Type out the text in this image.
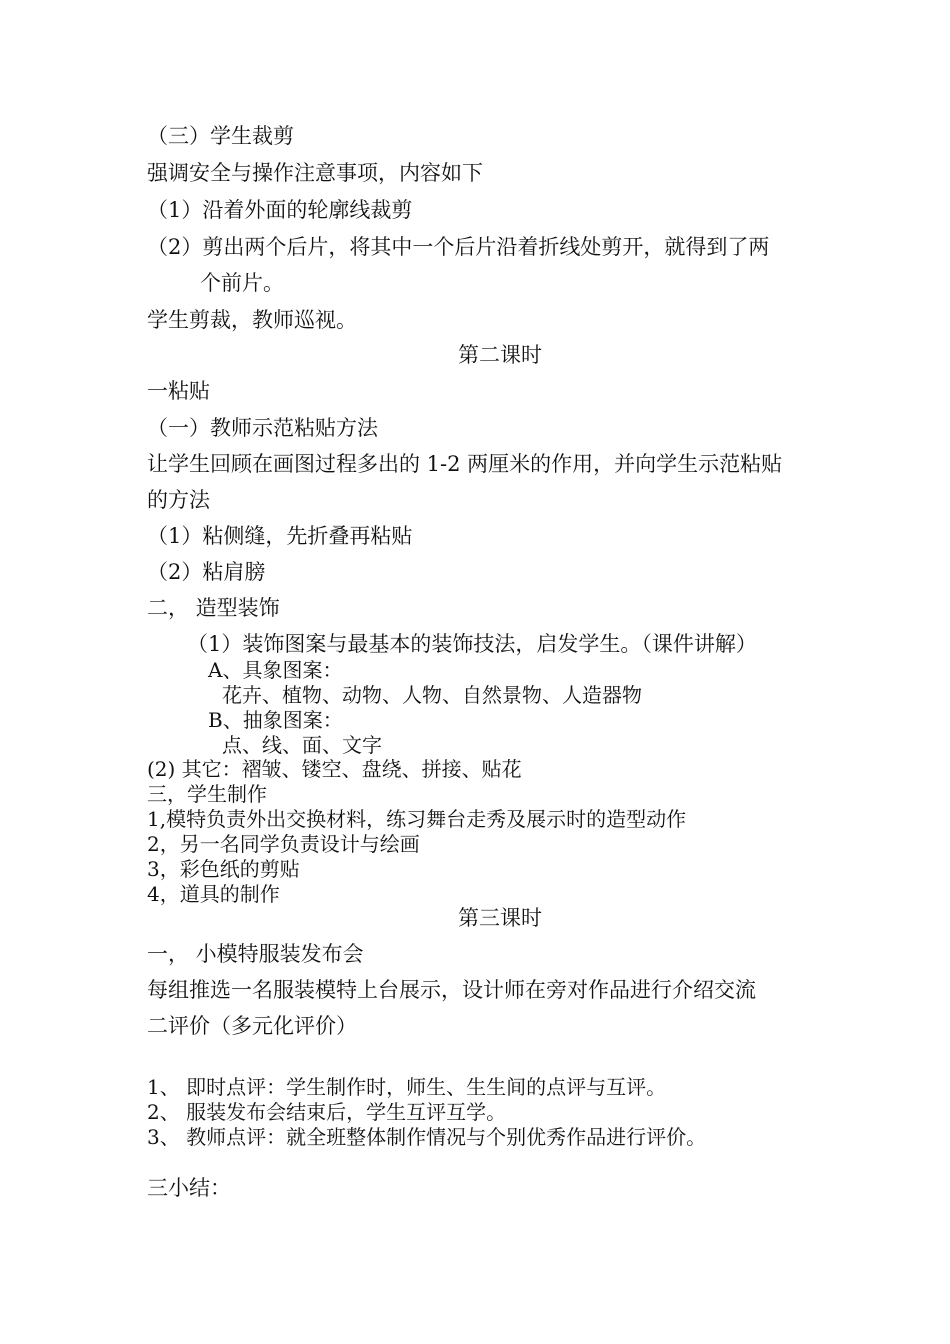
（三）学生裁剪
强调安全与操作注意事项，内容如下
（1）沿着外面的轮廓线裁剪
（2）剪出两个后片，将其中一个后片沿着折线处剪开，就得到了两
个前片。
学生剪裁，教师巡视。
第二课时
一粘贴
（一）教师示范粘贴方法
让学生回顾在画图过程多出的 1-2 两厘米的作用，并向学生示范粘贴
的方法
（1）粘侧缝，先折叠再粘贴
（2）粘肩膀
二， 造型装饰
（1）装饰图案与最基本的装饰技法，启发学生。（课件讲解）
A、具象图案：
花卉、植物、动物、人物、自然景物、人造器物
B、抽象图案：
点、线、面、文字
(2) 其它：褶皱、镂空、盘绕、拼接、贴花
三，学生制作
1,模特负责外出交换材料，练习舞台走秀及展示时的造型动作
2，另一名同学负责设计与绘画
3，彩色纸的剪贴
4，道具的制作
第三课时
一， 小模特服装发布会
每组推选一名服装模特上台展示，设计师在旁对作品进行介绍交流
二评价（多元化评价）
1、 即时点评：学生制作时，师生、生生间的点评与互评。
2、 服装发布会结束后，学生互评互学。
3、 教师点评：就全班整体制作情况与个别优秀作品进行评价。
三小结：
